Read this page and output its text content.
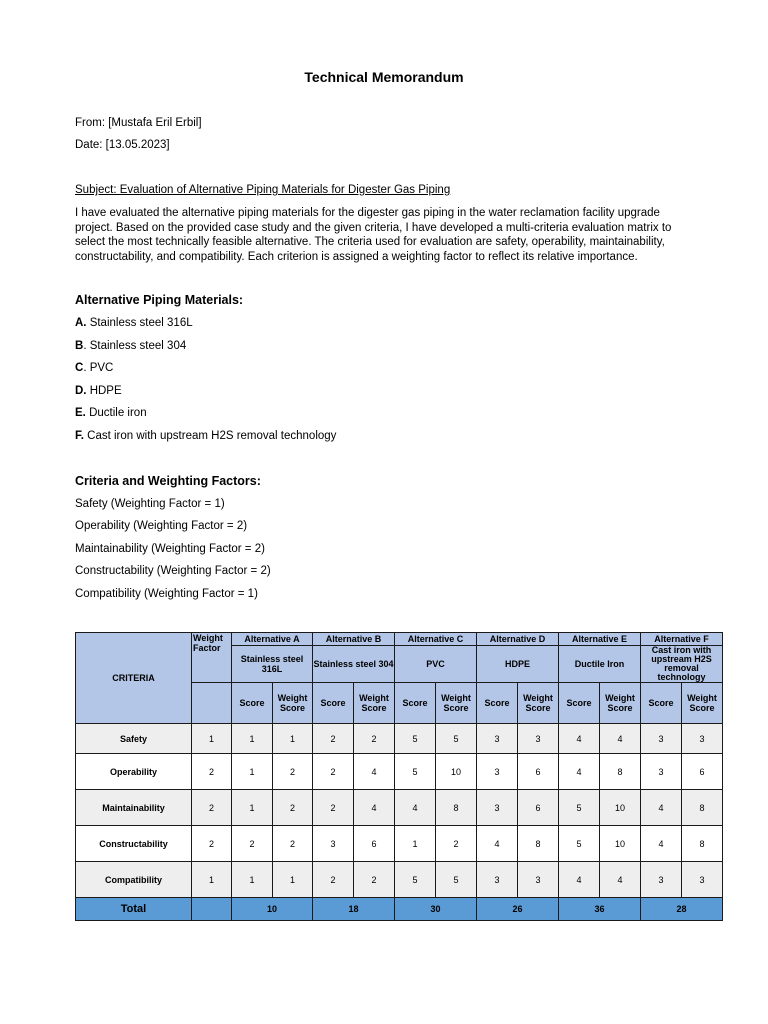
Technical Memorandum
From: [Mustafa Eril Erbil]
Date: [13.05.2023]
Subject: Evaluation of Alternative Piping Materials for Digester Gas Piping
I have evaluated the alternative piping materials for the digester gas piping in the water reclamation facility upgrade project. Based on the provided case study and the given criteria, I have developed a multi-criteria evaluation matrix to select the most technically feasible alternative. The criteria used for evaluation are safety, operability, maintainability, constructability, and compatibility. Each criterion is assigned a weighting factor to reflect its relative importance.
Alternative Piping Materials:
A. Stainless steel 316L
B. Stainless steel 304
C. PVC
D. HDPE
E. Ductile iron
F. Cast iron with upstream H2S removal technology
Criteria and Weighting Factors:
Safety (Weighting Factor = 1)
Operability (Weighting Factor = 2)
Maintainability (Weighting Factor = 2)
Constructability (Weighting Factor = 2)
Compatibility (Weighting Factor = 1)
CRITERIA	Weight Factor	Alternative A		Alternative B		Alternative C		Alternative D		Alternative E		Alternative F	
		Stainless steel 316L		Stainless steel 304		PVC		HDPE		Ductile Iron		Cast iron with upstream H2S removal technology	
		Score	Weight Score	Score	Weight Score	Score	Weight Score	Score	Weight Score	Score	Weight Score	Score	Weight Score
Safety	1	1	1	2	2	5	5	3	3	4	4	3	3
Operability	2	1	2	2	4	5	10	3	6	4	8	3	6
Maintainability	2	1	2	2	4	4	8	3	6	5	10	4	8
Constructability	2	2	2	3	6	1	2	4	8	5	10	4	8
Compatibility	1	1	1	2	2	5	5	3	3	4	4	3	3
Total		10		18		30		26		36		28	
